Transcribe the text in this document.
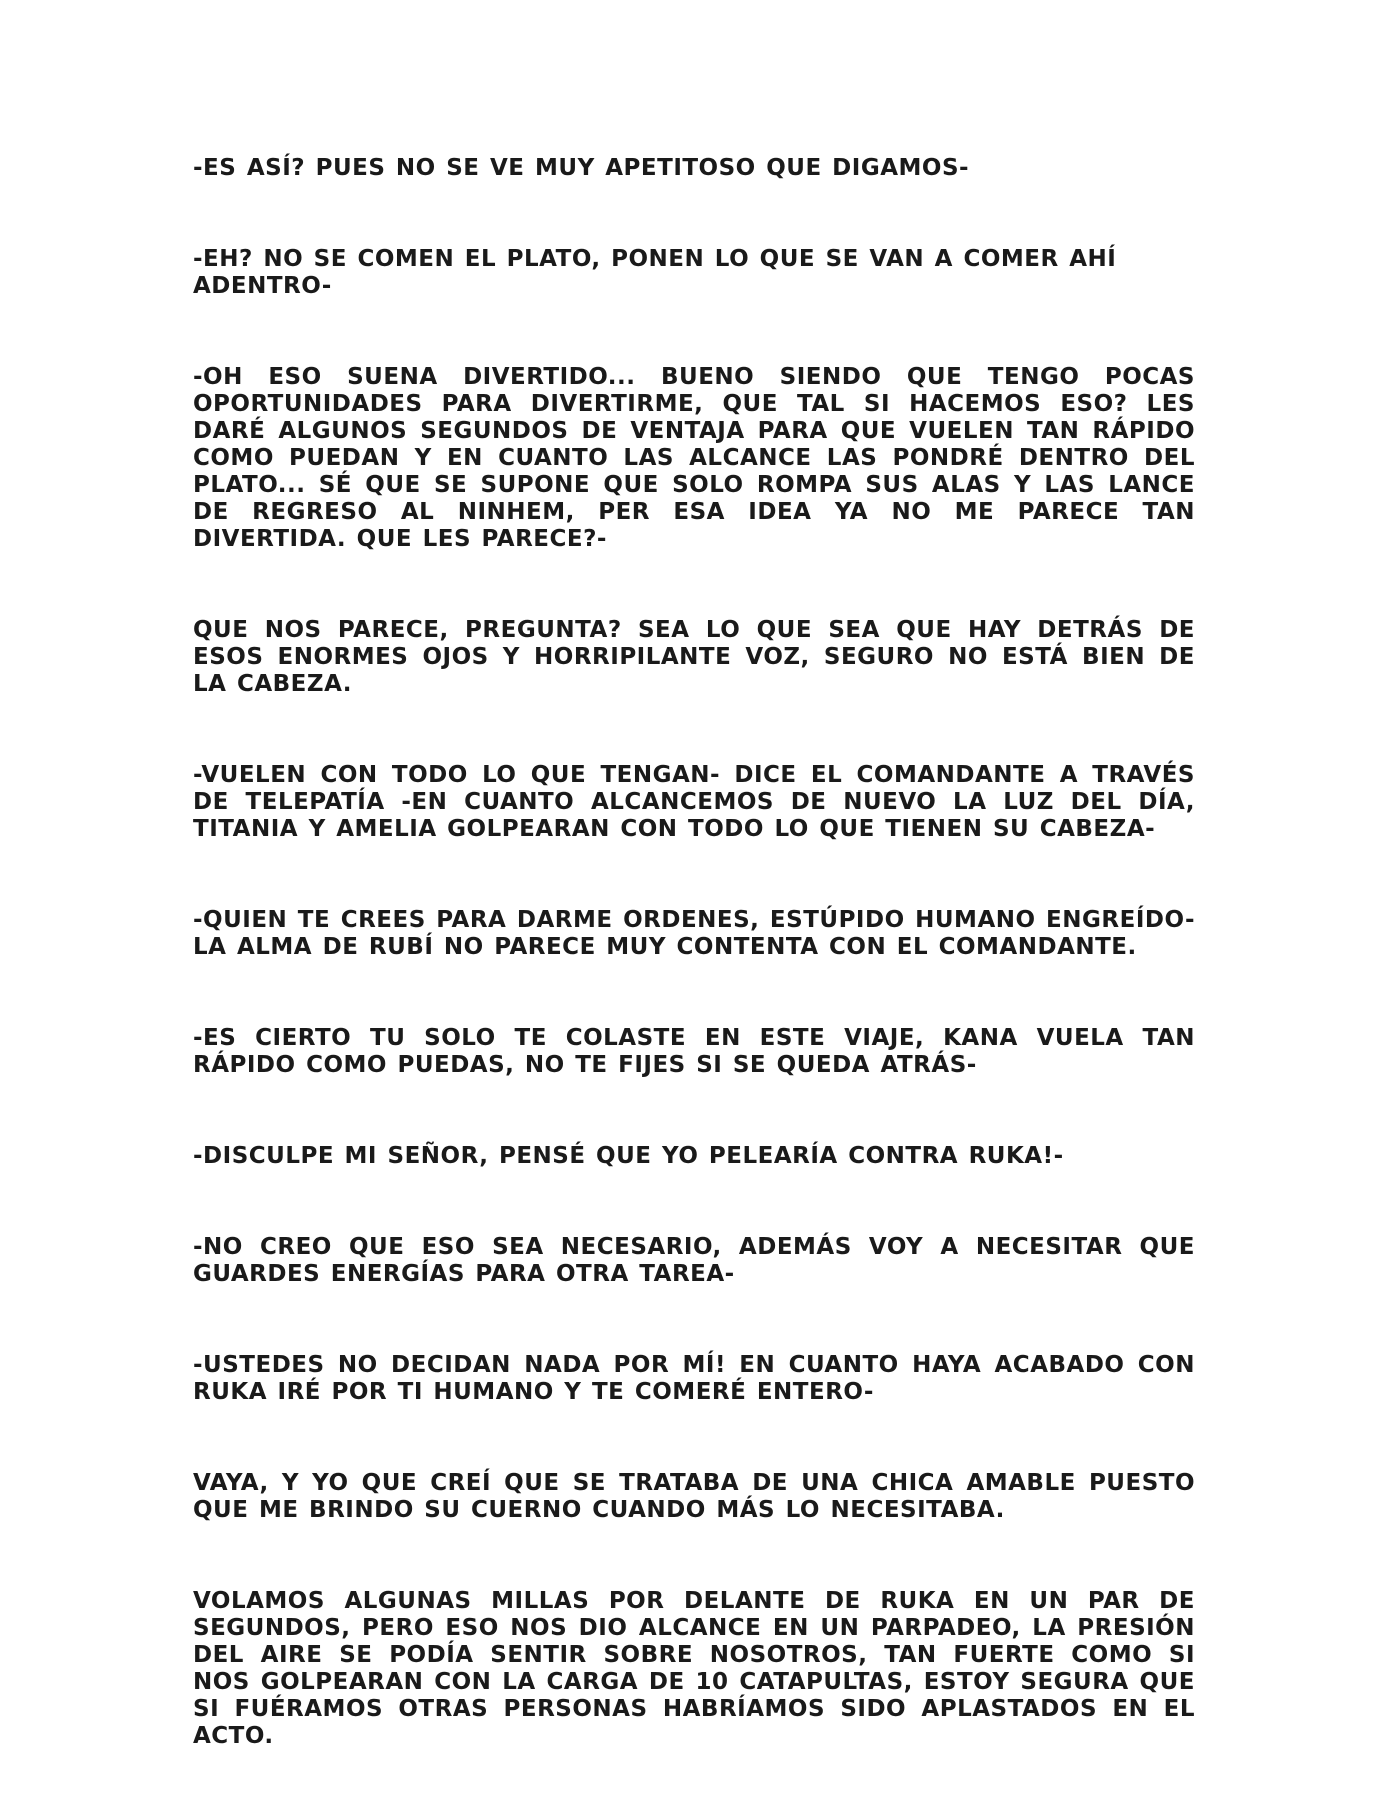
-ES ASÍ? PUES NO SE VE MUY APETITOSO QUE DIGAMOS-

-EH? NO SE COMEN EL PLATO, PONEN LO QUE SE VAN A COMER AHÍ ADENTRO-

-OH ESO SUENA DIVERTIDO... BUENO SIENDO QUE TENGO POCAS OPORTUNIDADES PARA DIVERTIRME, QUE TAL SI HACEMOS ESO? LES DARÉ ALGUNOS SEGUNDOS DE VENTAJA PARA QUE VUELEN TAN RÁPIDO COMO PUEDAN Y EN CUANTO LAS ALCANCE LAS PONDRÉ DENTRO DEL PLATO... SÉ QUE SE SUPONE QUE SOLO ROMPA SUS ALAS Y LAS LANCE DE REGRESO AL NINHEM, PER ESA IDEA YA NO ME PARECE TAN DIVERTIDA. QUE LES PARECE?-

QUE NOS PARECE, PREGUNTA? SEA LO QUE SEA QUE HAY DETRÁS DE ESOS ENORMES OJOS Y HORRIPILANTE VOZ, SEGURO NO ESTÁ BIEN DE LA CABEZA.

-VUELEN CON TODO LO QUE TENGAN- DICE EL COMANDANTE A TRAVÉS DE TELEPATÍA -EN CUANTO ALCANCEMOS DE NUEVO LA LUZ DEL DÍA, TITANIA Y AMELIA GOLPEARAN CON TODO LO QUE TIENEN SU CABEZA-

-QUIEN TE CREES PARA DARME ORDENES, ESTÚPIDO HUMANO ENGREÍDO- LA ALMA DE RUBÍ NO PARECE MUY CONTENTA CON EL COMANDANTE.

-ES CIERTO TU SOLO TE COLASTE EN ESTE VIAJE, KANA VUELA TAN RÁPIDO COMO PUEDAS, NO TE FIJES SI SE QUEDA ATRÁS-

-DISCULPE MI SEÑOR, PENSÉ QUE YO PELEARÍA CONTRA RUKA!-

-NO CREO QUE ESO SEA NECESARIO, ADEMÁS VOY A NECESITAR QUE GUARDES ENERGÍAS PARA OTRA TAREA-

-USTEDES NO DECIDAN NADA POR MÍ! EN CUANTO HAYA ACABADO CON RUKA IRÉ POR TI HUMANO Y TE COMERÉ ENTERO-

VAYA, Y YO QUE CREÍ QUE SE TRATABA DE UNA CHICA AMABLE PUESTO QUE ME BRINDO SU CUERNO CUANDO MÁS LO NECESITABA.

VOLAMOS ALGUNAS MILLAS POR DELANTE DE RUKA EN UN PAR DE SEGUNDOS, PERO ESO NOS DIO ALCANCE EN UN PARPADEO, LA PRESIÓN DEL AIRE SE PODÍA SENTIR SOBRE NOSOTROS, TAN FUERTE COMO SI NOS GOLPEARAN CON LA CARGA DE 10 CATAPULTAS, ESTOY SEGURA QUE SI FUÉRAMOS OTRAS PERSONAS HABRÍAMOS SIDO APLASTADOS EN EL ACTO.
